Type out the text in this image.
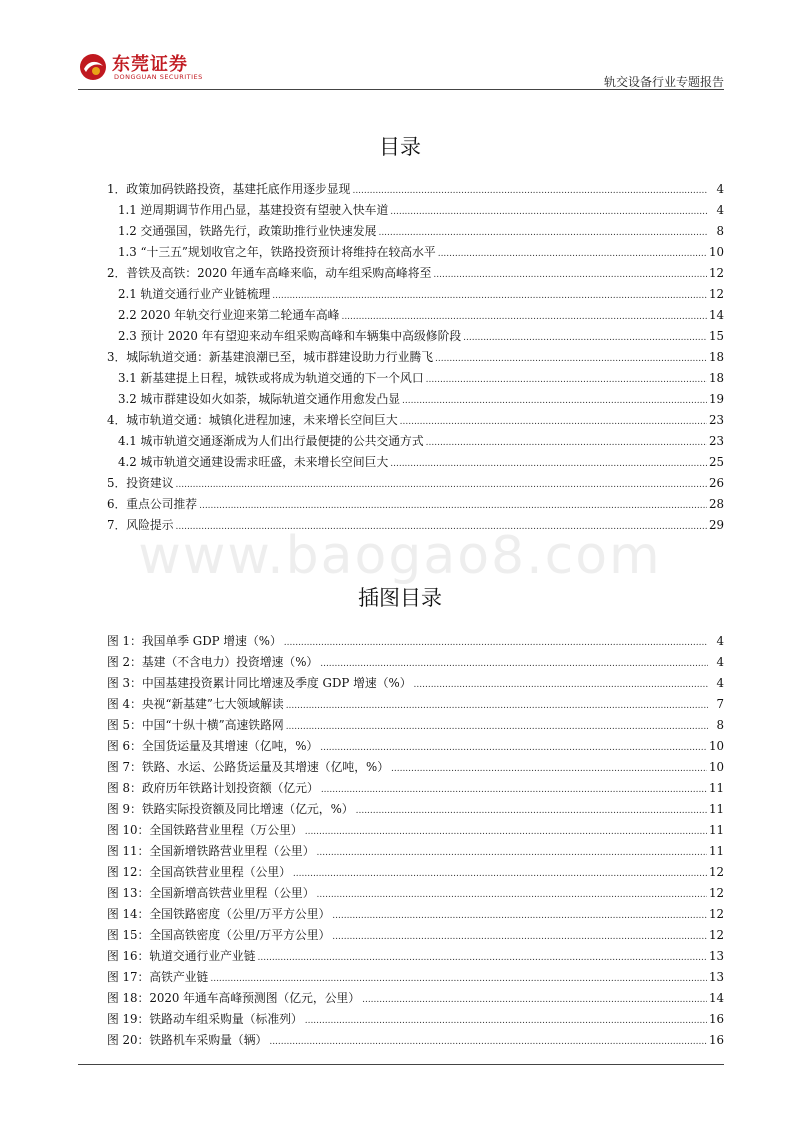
东莞证券
DONGGUAN SECURITIES	轨交设备行业专题报告
目录
1．政策加码铁路投资，基建托底作用逐步显现 .....	4
1.1 逆周期调节作用凸显，基建投资有望驶入快车道 .....	4
1.2 交通强国，铁路先行，政策助推行业快速发展 .....	8
1.3 “十三五”规划收官之年，铁路投资预计将维持在较高水平 .....	10
2．普铁及高铁：2020 年通车高峰来临，动车组采购高峰将至 .....	12
2.1 轨道交通行业产业链梳理 .....	12
2.2 2020 年轨交行业迎来第二轮通车高峰 .....	14
2.3 预计 2020 年有望迎来动车组采购高峰和车辆集中高级修阶段 .....	15
3．城际轨道交通：新基建浪潮已至，城市群建设助力行业腾飞 .....	18
3.1 新基建提上日程，城铁或将成为轨道交通的下一个风口 .....	18
3.2 城市群建设如火如荼，城际轨道交通作用愈发凸显 .....	19
4．城市轨道交通：城镇化进程加速，未来增长空间巨大 .....	23
4.1 城市轨道交通逐渐成为人们出行最便捷的公共交通方式 .....	23
4.2 城市轨道交通建设需求旺盛，未来增长空间巨大 .....	25
5．投资建议 .....	26
6．重点公司推荐 .....	28
7．风险提示 .....	29
www.baogao8.com
插图目录
图 1：我国单季 GDP 增速（%） .....	4
图 2：基建（不含电力）投资增速（%） .....	4
图 3：中国基建投资累计同比增速及季度 GDP 增速（%） .....	4
图 4：央视“新基建”七大领域解读 .....	7
图 5：中国“十纵十横”高速铁路网 .....	8
图 6：全国货运量及其增速（亿吨，%） .....	10
图 7：铁路、水运、公路货运量及其增速（亿吨，%） .....	10
图 8：政府历年铁路计划投资额（亿元） .....	11
图 9：铁路实际投资额及同比增速（亿元，%） .....	11
图 10：全国铁路营业里程（万公里） .....	11
图 11：全国新增铁路营业里程（公里） .....	11
图 12：全国高铁营业里程（公里） .....	12
图 13：全国新增高铁营业里程（公里） .....	12
图 14：全国铁路密度（公里/万平方公里） .....	12
图 15：全国高铁密度（公里/万平方公里） .....	12
图 16：轨道交通行业产业链 .....	13
图 17：高铁产业链 .....	13
图 18：2020 年通车高峰预测图（亿元，公里） .....	14
图 19：铁路动车组采购量（标准列） .....	16
图 20：铁路机车采购量（辆） .....	16
